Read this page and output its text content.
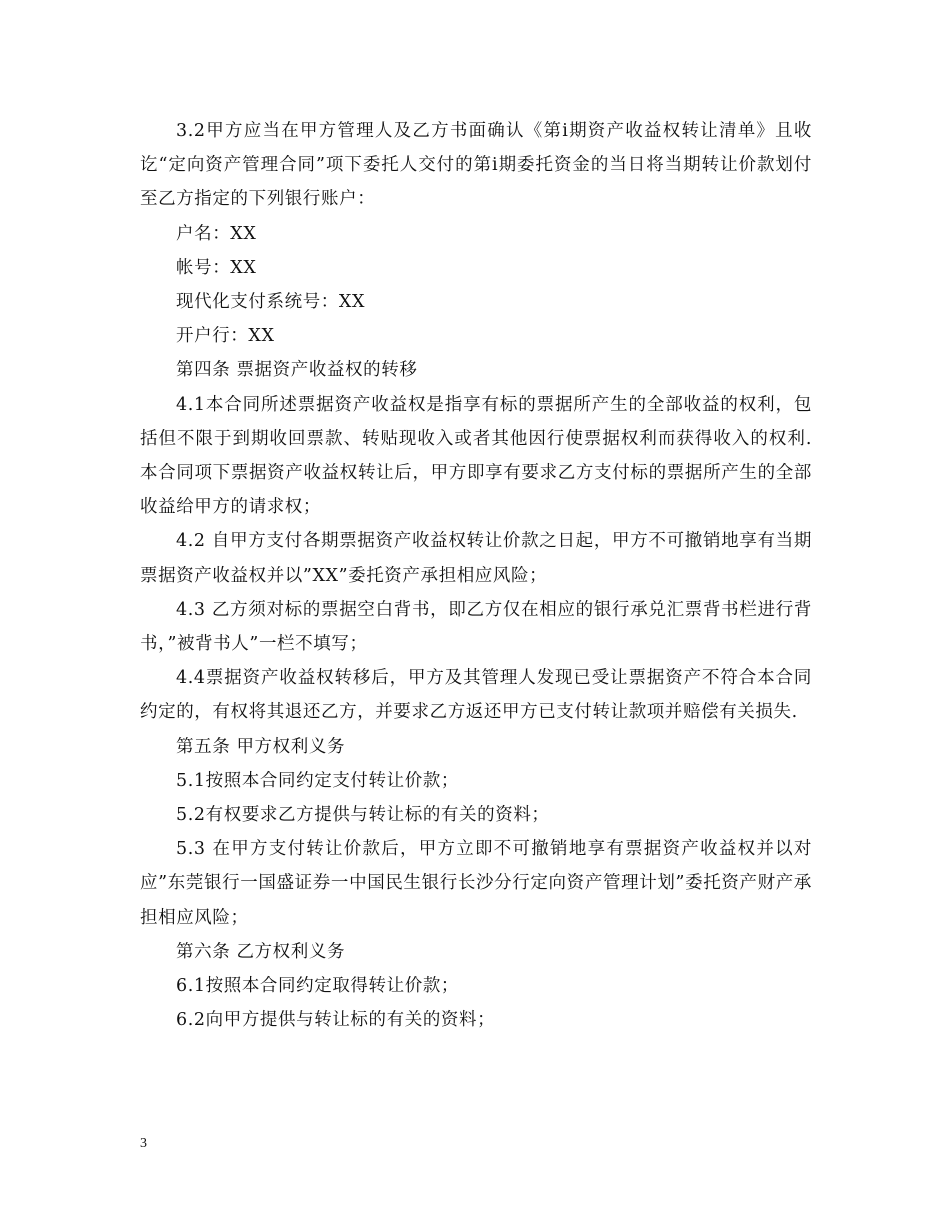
3.2甲方应当在甲方管理人及乙方书面确认《第i期资产收益权转让清单》且收讫“定向资产管理合同”项下委托人交付的第i期委托资金的当日将当期转让价款划付至乙方指定的下列银行账户：

户名：XX

帐号：XX

现代化支付系统号：XX

开户行：XX

第四条 票据资产收益权的转移

4.1本合同所述票据资产收益权是指享有标的票据所产生的全部收益的权利，包括但不限于到期收回票款、转贴现收入或者其他因行使票据权利而获得收入的权利.本合同项下票据资产收益权转让后，甲方即享有要求乙方支付标的票据所产生的全部收益给甲方的请求权；

4.2 自甲方支付各期票据资产收益权转让价款之日起，甲方不可撤销地享有当期票据资产收益权并以”XX”委托资产承担相应风险；

4.3 乙方须对标的票据空白背书，即乙方仅在相应的银行承兑汇票背书栏进行背书，”被背书人”一栏不填写；

4.4票据资产收益权转移后，甲方及其管理人发现已受让票据资产不符合本合同约定的，有权将其退还乙方，并要求乙方返还甲方已支付转让款项并赔偿有关损失.

第五条 甲方权利义务

5.1按照本合同约定支付转让价款；

5.2有权要求乙方提供与转让标的有关的资料；

5.3 在甲方支付转让价款后，甲方立即不可撤销地享有票据资产收益权并以对应”东莞银行一国盛证券一中国民生银行长沙分行定向资产管理计划”委托资产财产承担相应风险；

第六条 乙方权利义务

6.1按照本合同约定取得转让价款；

6.2向甲方提供与转让标的有关的资料；

3
